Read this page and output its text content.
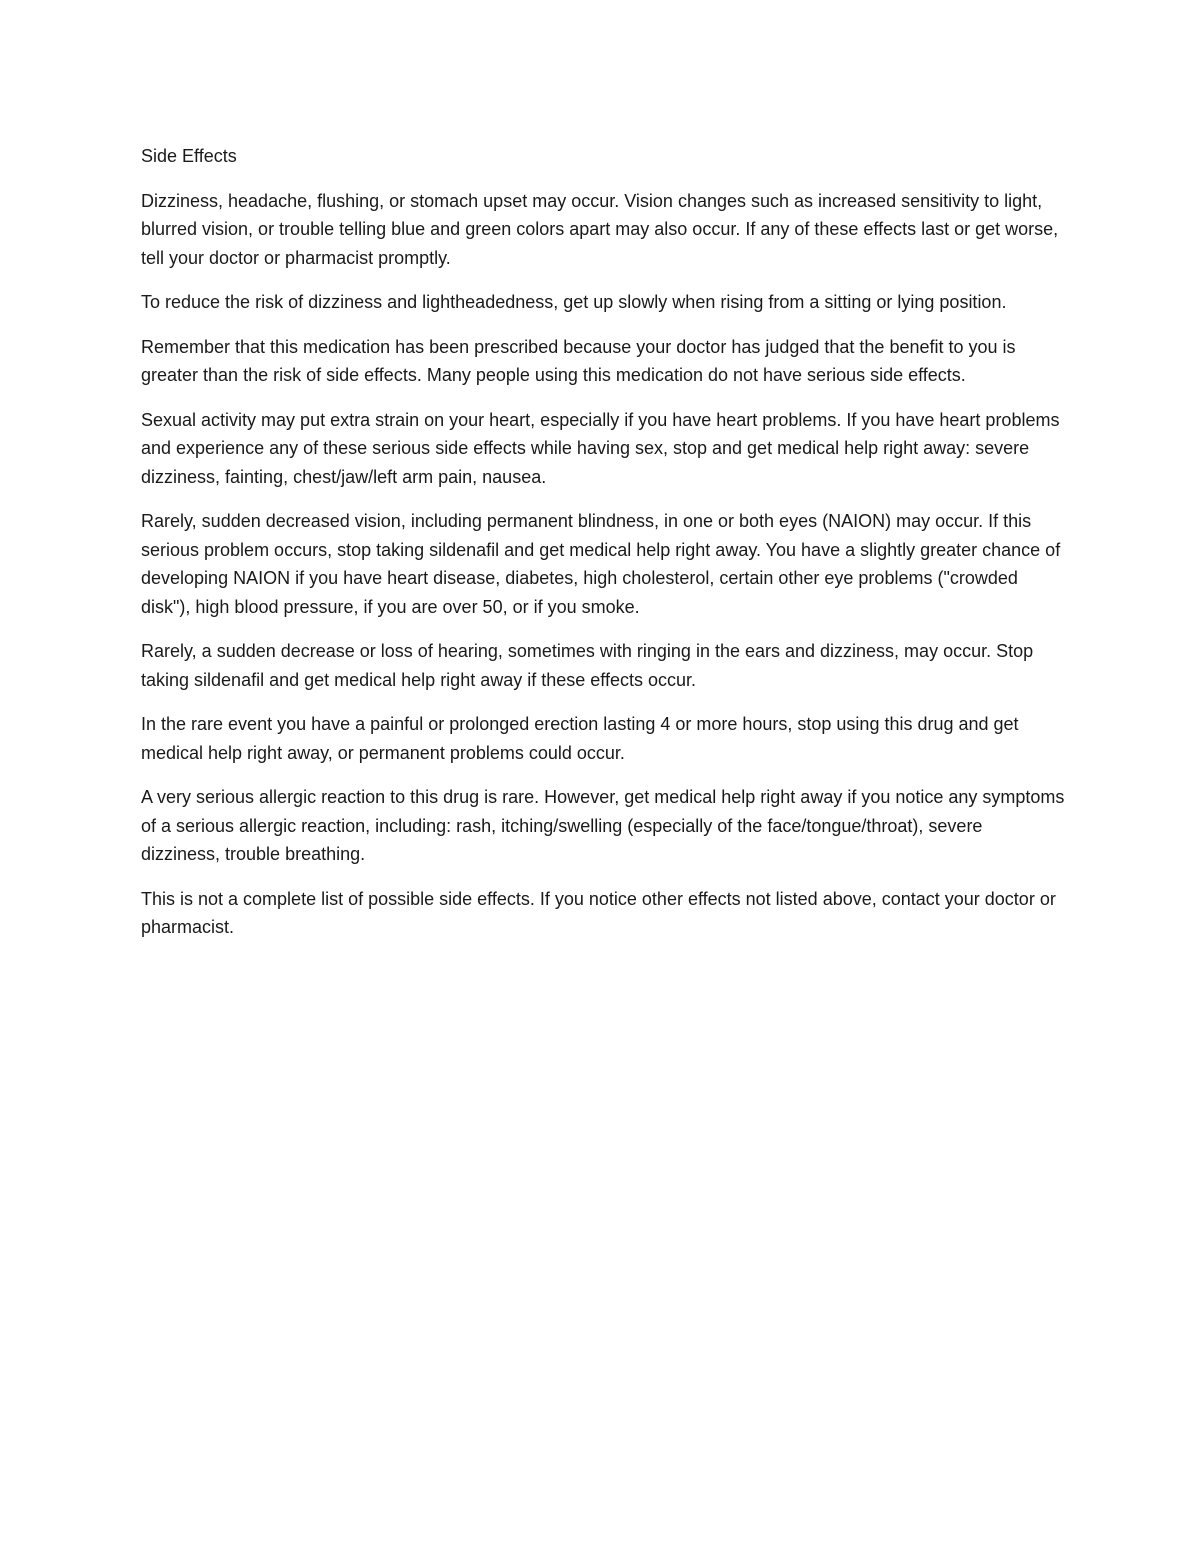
Side Effects

Dizziness, headache, flushing, or stomach upset may occur. Vision changes such as increased sensitivity to light, blurred vision, or trouble telling blue and green colors apart may also occur. If any of these effects last or get worse, tell your doctor or pharmacist promptly.

To reduce the risk of dizziness and lightheadedness, get up slowly when rising from a sitting or lying position.

Remember that this medication has been prescribed because your doctor has judged that the benefit to you is greater than the risk of side effects. Many people using this medication do not have serious side effects.

Sexual activity may put extra strain on your heart, especially if you have heart problems. If you have heart problems and experience any of these serious side effects while having sex, stop and get medical help right away: severe dizziness, fainting, chest/jaw/left arm pain, nausea.

Rarely, sudden decreased vision, including permanent blindness, in one or both eyes (NAION) may occur. If this serious problem occurs, stop taking sildenafil and get medical help right away. You have a slightly greater chance of developing NAION if you have heart disease, diabetes, high cholesterol, certain other eye problems ("crowded disk"), high blood pressure, if you are over 50, or if you smoke.

Rarely, a sudden decrease or loss of hearing, sometimes with ringing in the ears and dizziness, may occur. Stop taking sildenafil and get medical help right away if these effects occur.

In the rare event you have a painful or prolonged erection lasting 4 or more hours, stop using this drug and get medical help right away, or permanent problems could occur.

A very serious allergic reaction to this drug is rare. However, get medical help right away if you notice any symptoms of a serious allergic reaction, including: rash, itching/swelling (especially of the face/tongue/throat), severe dizziness, trouble breathing.

This is not a complete list of possible side effects. If you notice other effects not listed above, contact your doctor or pharmacist.
